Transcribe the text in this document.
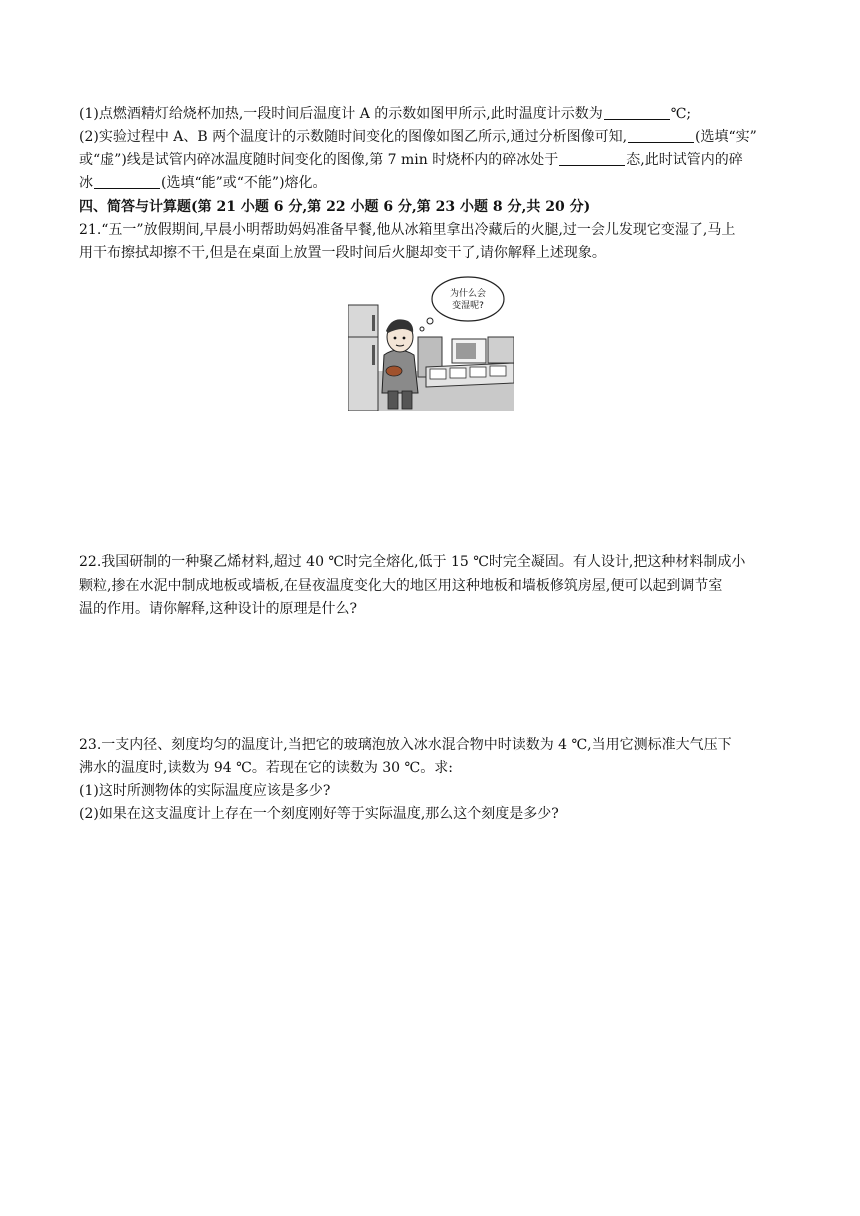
(1)点燃酒精灯给烧杯加热,一段时间后温度计 A 的示数如图甲所示,此时温度计示数为	℃;
(2)实验过程中 A、B 两个温度计的示数随时间变化的图像如图乙所示,通过分析图像可知,	(选填“实”
或“虚”)线是试管内碎冰温度随时间变化的图像,第 7 min 时烧杯内的碎冰处于	态,此时试管内的碎
冰	(选填“能”或“不能”)熔化。
四、简答与计算题(第 21 小题 6 分,第 22 小题 6 分,第 23 小题 8 分,共 20 分)
21.“五一”放假期间,早晨小明帮助妈妈准备早餐,他从冰箱里拿出冷藏后的火腿,过一会儿发现它变湿了,马上
用干布擦拭却擦不干,但是在桌面上放置一段时间后火腿却变干了,请你解释上述现象。
为什么会
变湿呢?
22.我国研制的一种聚乙烯材料,超过 40 ℃时完全熔化,低于 15 ℃时完全凝固。有人设计,把这种材料制成小
颗粒,掺在水泥中制成地板或墙板,在昼夜温度变化大的地区用这种地板和墙板修筑房屋,便可以起到调节室
温的作用。请你解释,这种设计的原理是什么?
23.一支内径、刻度均匀的温度计,当把它的玻璃泡放入冰水混合物中时读数为 4 ℃,当用它测标准大气压下
沸水的温度时,读数为 94 ℃。若现在它的读数为 30 ℃。求:
(1)这时所测物体的实际温度应该是多少?
(2)如果在这支温度计上存在一个刻度刚好等于实际温度,那么这个刻度是多少?
